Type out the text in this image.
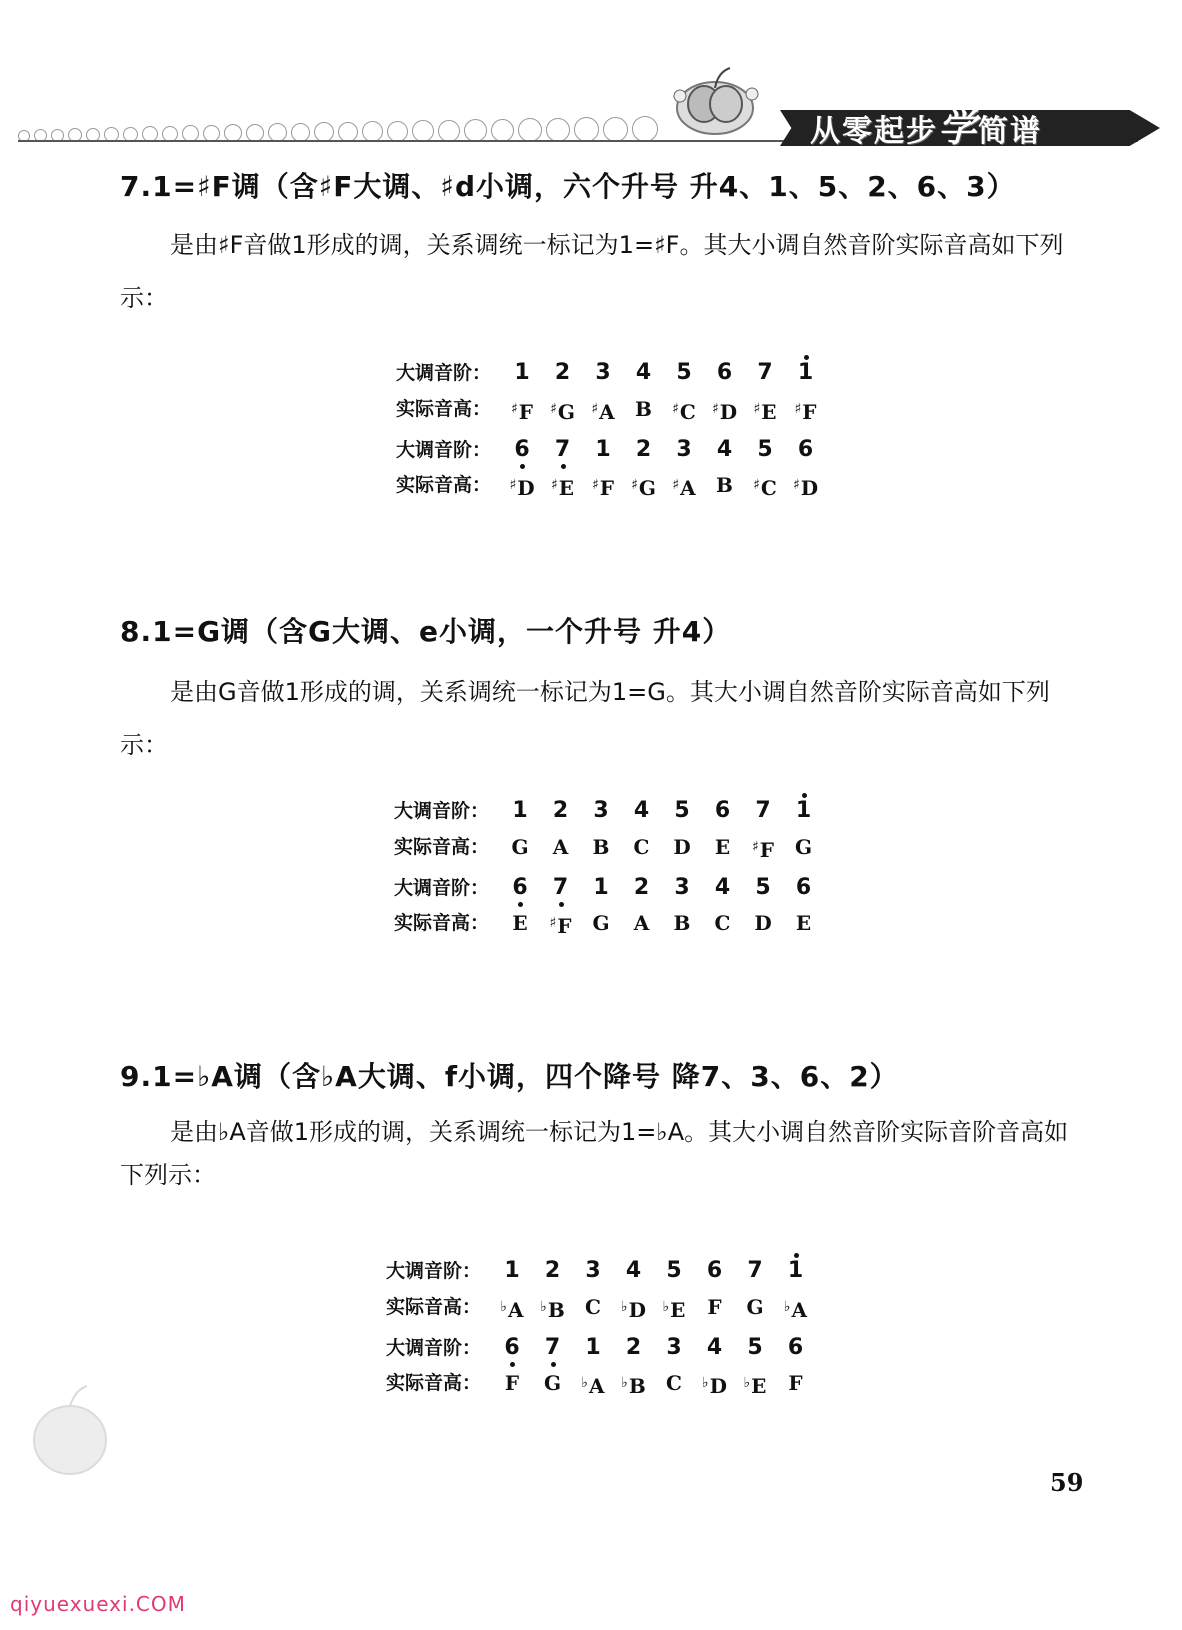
从零起步学简谱
7.1=♯F调（含♯F大调、♯d小调，六个升号 升4、1、5、2、6、3）
是由♯F音做1形成的调，关系调统一标记为1=♯F。其大小调自然音阶实际音高如下列
示：
大调音阶：	1	2	3	4	5	6	7	1
实际音高：	♯F	♯G	♯A	B	♯C	♯D	♯E	♯F
大调音阶：	6	7	1	2	3	4	5	6
实际音高：	♯D	♯E	♯F	♯G	♯A	B	♯C	♯D
8.1=G调（含G大调、e小调，一个升号 升4）
是由G音做1形成的调，关系调统一标记为1=G。其大小调自然音阶实际音高如下列
示：
大调音阶：	1	2	3	4	5	6	7	1
实际音高：	G	A	B	C	D	E	♯F	G
大调音阶：	6	7	1	2	3	4	5	6
实际音高：	E	♯F	G	A	B	C	D	E
9.1=♭A调（含♭A大调、f小调，四个降号 降7、3、6、2）
是由♭A音做1形成的调，关系调统一标记为1=♭A。其大小调自然音阶实际音阶音高如
下列示：
大调音阶：	1	2	3	4	5	6	7	1
实际音高：	♭A	♭B	C	♭D	♭E	F	G	♭A
大调音阶：	6	7	1	2	3	4	5	6
实际音高：	F	G	♭A	♭B	C	♭D	♭E	F
59
qiyuexuexi.COM
